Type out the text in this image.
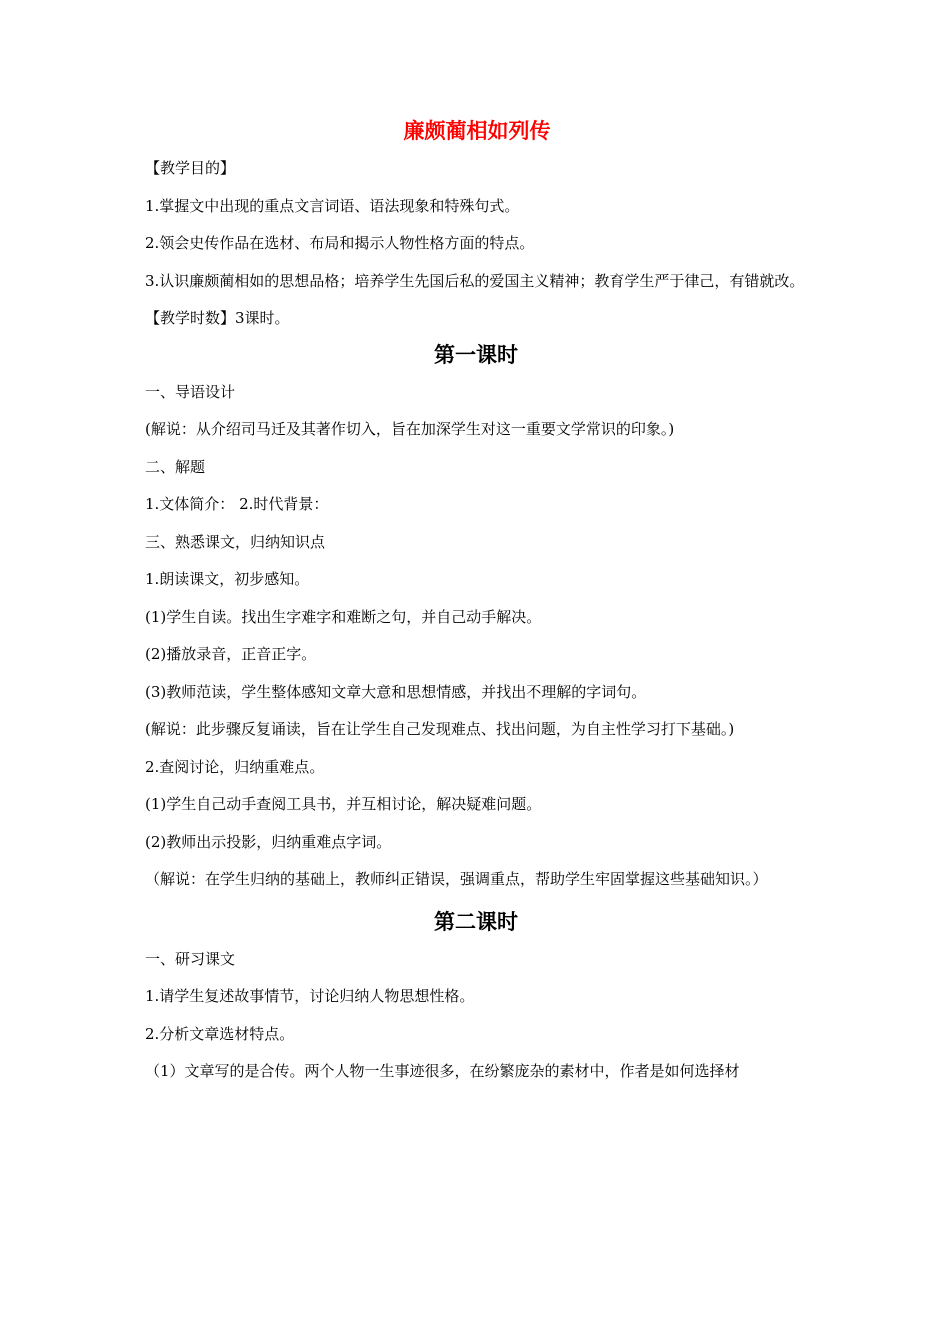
廉颇蔺相如列传

【教学目的】

1.掌握文中出现的重点文言词语、语法现象和特殊句式。

2.领会史传作品在选材、布局和揭示人物性格方面的特点。

3.认识廉颇蔺相如的思想品格；培养学生先国后私的爱国主义精神；教育学生严于律己，有错就改。

【教学时数】3课时。

第一课时

一、导语设计

(解说：从介绍司马迁及其著作切入，旨在加深学生对这一重要文学常识的印象。)

二、解题

1.文体简介： 2.时代背景：

三、熟悉课文，归纳知识点

1.朗读课文，初步感知。

(1)学生自读。找出生字难字和难断之句，并自己动手解决。

(2)播放录音，正音正字。

(3)教师范读，学生整体感知文章大意和思想情感，并找出不理解的字词句。

(解说：此步骤反复诵读，旨在让学生自己发现难点、找出问题，为自主性学习打下基础。)

2.查阅讨论，归纳重难点。

(1)学生自己动手查阅工具书，并互相讨论，解决疑难问题。

(2)教师出示投影，归纳重难点字词。

（解说：在学生归纳的基础上，教师纠正错误，强调重点，帮助学生牢固掌握这些基础知识。）

第二课时

一、研习课文

1.请学生复述故事情节，讨论归纳人物思想性格。

2.分析文章选材特点。

（1）文章写的是合传。两个人物一生事迹很多，在纷繁庞杂的素材中，作者是如何选择材
